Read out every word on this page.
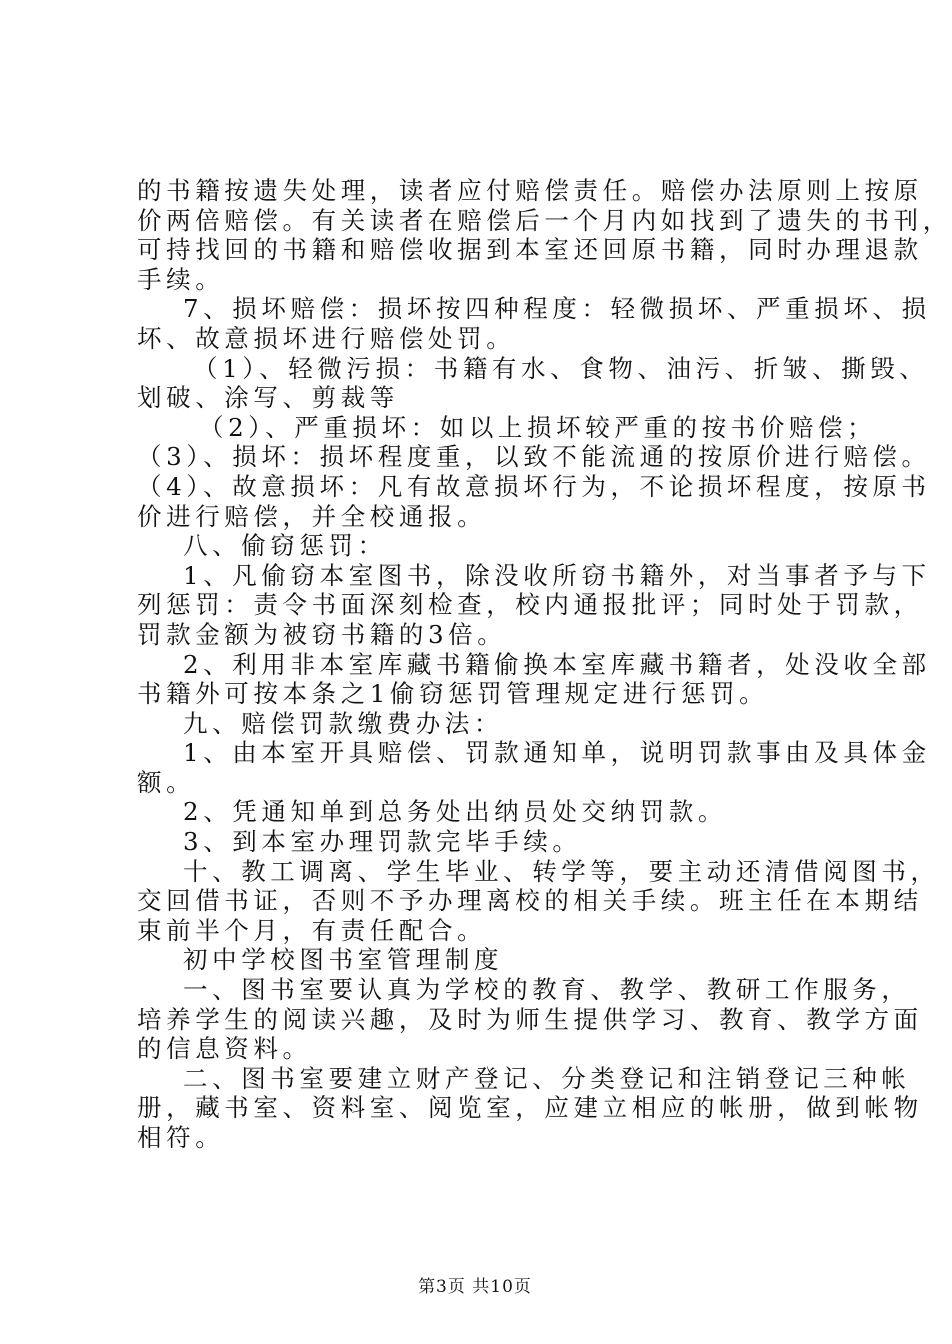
的书籍按遗失处理，读者应付赔偿责任。赔偿办法原则上按原

价两倍赔偿。有关读者在赔偿后一个月内如找到了遗失的书刊，

可持找回的书籍和赔偿收据到本室还回原书籍，同时办理退款

手续。

7、损坏赔偿：损坏按四种程度：轻微损坏、严重损坏、损

坏、故意损坏进行赔偿处罚。

（1）、轻微污损：书籍有水、食物、油污、折皱、撕毁、

划破、涂写、剪裁等

（2）、严重损坏：如以上损坏较严重的按书价赔偿；

（3）、损坏：损坏程度重，以致不能流通的按原价进行赔偿。

（4）、故意损坏：凡有故意损坏行为，不论损坏程度，按原书

价进行赔偿，并全校通报。

八、偷窃惩罚：

1、凡偷窃本室图书，除没收所窃书籍外，对当事者予与下

列惩罚：责令书面深刻检查，校内通报批评；同时处于罚款，

罚款金额为被窃书籍的3倍。

2、利用非本室库藏书籍偷换本室库藏书籍者，处没收全部

书籍外可按本条之1偷窃惩罚管理规定进行惩罚。

九、赔偿罚款缴费办法：

1、由本室开具赔偿、罚款通知单，说明罚款事由及具体金

额。

2、凭通知单到总务处出纳员处交纳罚款。

3、到本室办理罚款完毕手续。

十、教工调离、学生毕业、转学等，要主动还清借阅图书，

交回借书证，否则不予办理离校的相关手续。班主任在本期结

束前半个月，有责任配合。

初中学校图书室管理制度

一、图书室要认真为学校的教育、教学、教研工作服务，

培养学生的阅读兴趣，及时为师生提供学习、教育、教学方面

的信息资料。

二、图书室要建立财产登记、分类登记和注销登记三种帐

册，藏书室、资料室、阅览室，应建立相应的帐册，做到帐物

相符。

第3页 共10页
